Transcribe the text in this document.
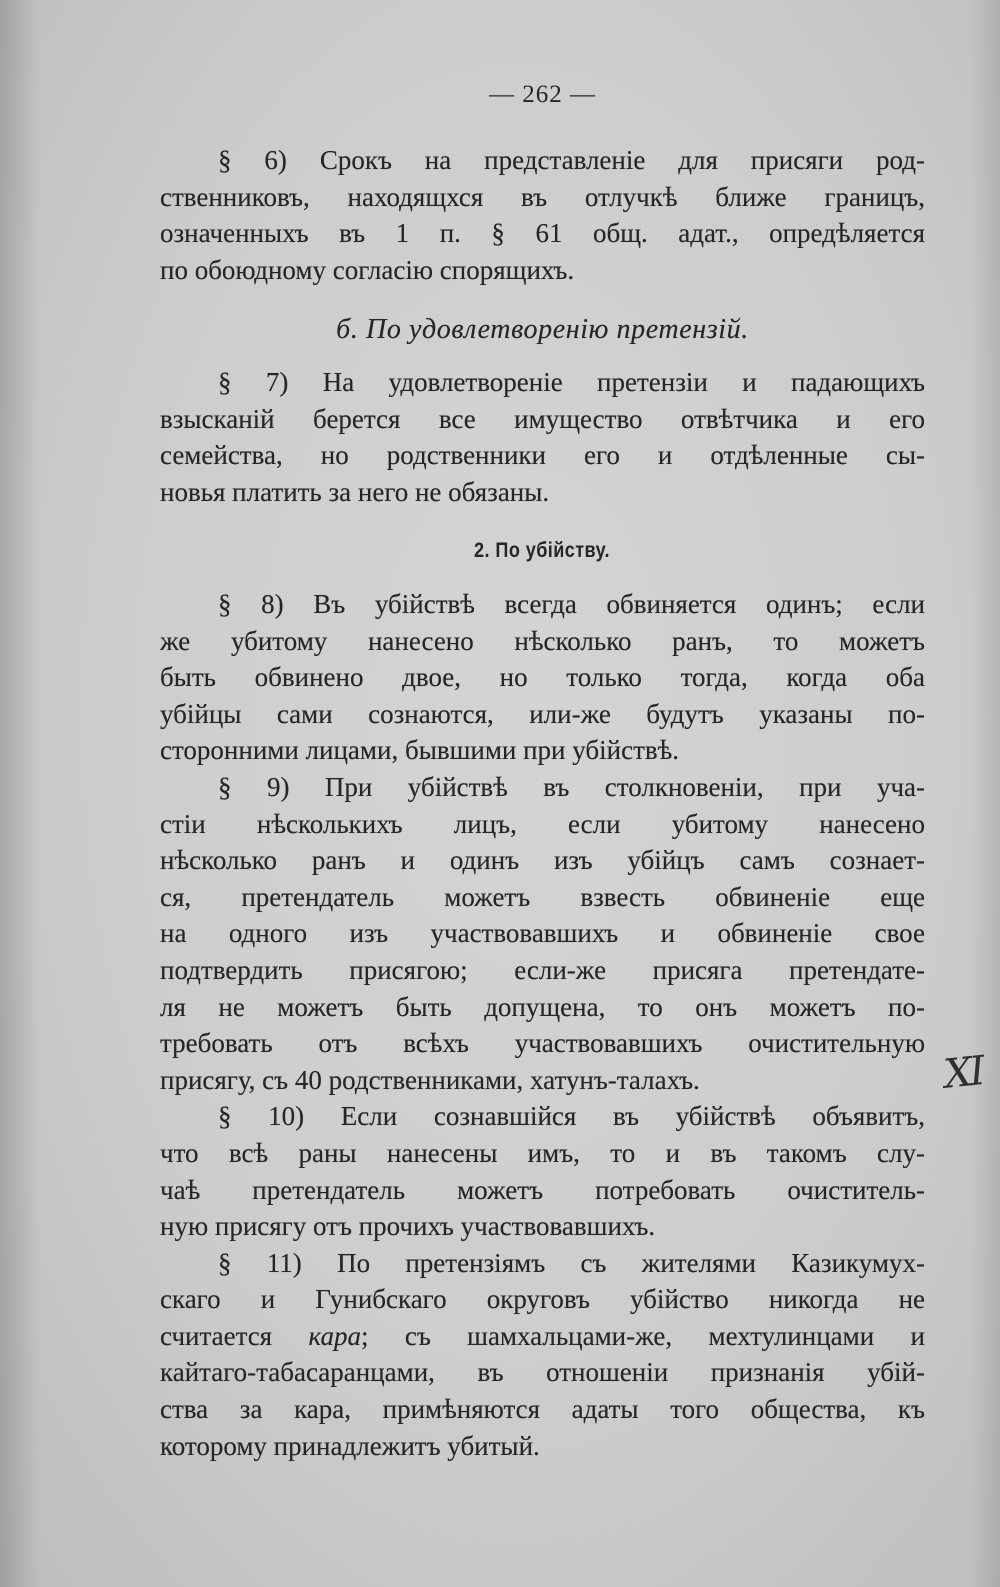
— 262 —
§ 6) Срокъ на представленіе для присяги род-
ственниковъ, находящхся въ отлучкѣ ближе границъ,
означенныхъ въ 1 п. § 61 общ. адат., опредѣляется
по обоюдному согласію спорящихъ.
б. По удовлетворенію претензій.
§ 7) На удовлетвореніе претензіи и падающихъ
взысканій берется все имущество отвѣтчика и его
семейства, но родственники его и отдѣленные сы-
новья платить за него не обязаны.
2. По убійству.
§ 8) Въ убійствѣ всегда обвиняется одинъ; если
же убитому нанесено нѣсколько ранъ, то можетъ
быть обвинено двое, но только тогда, когда оба
убійцы сами сознаются, или-же будутъ указаны по-
сторонними лицами, бывшими при убійствѣ.
§ 9) При убійствѣ въ столкновеніи, при уча-
стіи нѣсколькихъ лицъ, если убитому нанесено
нѣсколько ранъ и одинъ изъ убійцъ самъ сознает-
ся, претендатель можетъ взвесть обвиненіе еще
на одного изъ участвовавшихъ и обвиненіе свое
подтвердить присягою; если-же присяга претендате-
ля не можетъ быть допущена, то онъ можетъ по-
требовать отъ всѣхъ участвовавшихъ очистительную
присягу, съ 40 родственниками, хатунъ-талахъ.
§ 10) Если сознавшійся въ убійствѣ объявитъ,
что всѣ раны нанесены имъ, то и въ такомъ слу-
чаѣ претендатель можетъ потребовать очиститель-
ную присягу отъ прочихъ участвовавшихъ.
§ 11) По претензіямъ съ жителями Казикумух-
скаго и Гунибскаго округовъ убійство никогда не
считается кара; съ шамхальцами-же, мехтулинцами и
кайтаго-табасаранцами, въ отношеніи признанія убій-
ства за кара, примѣняются адаты того общества, къ
которому принадлежитъ убитый.
XI
